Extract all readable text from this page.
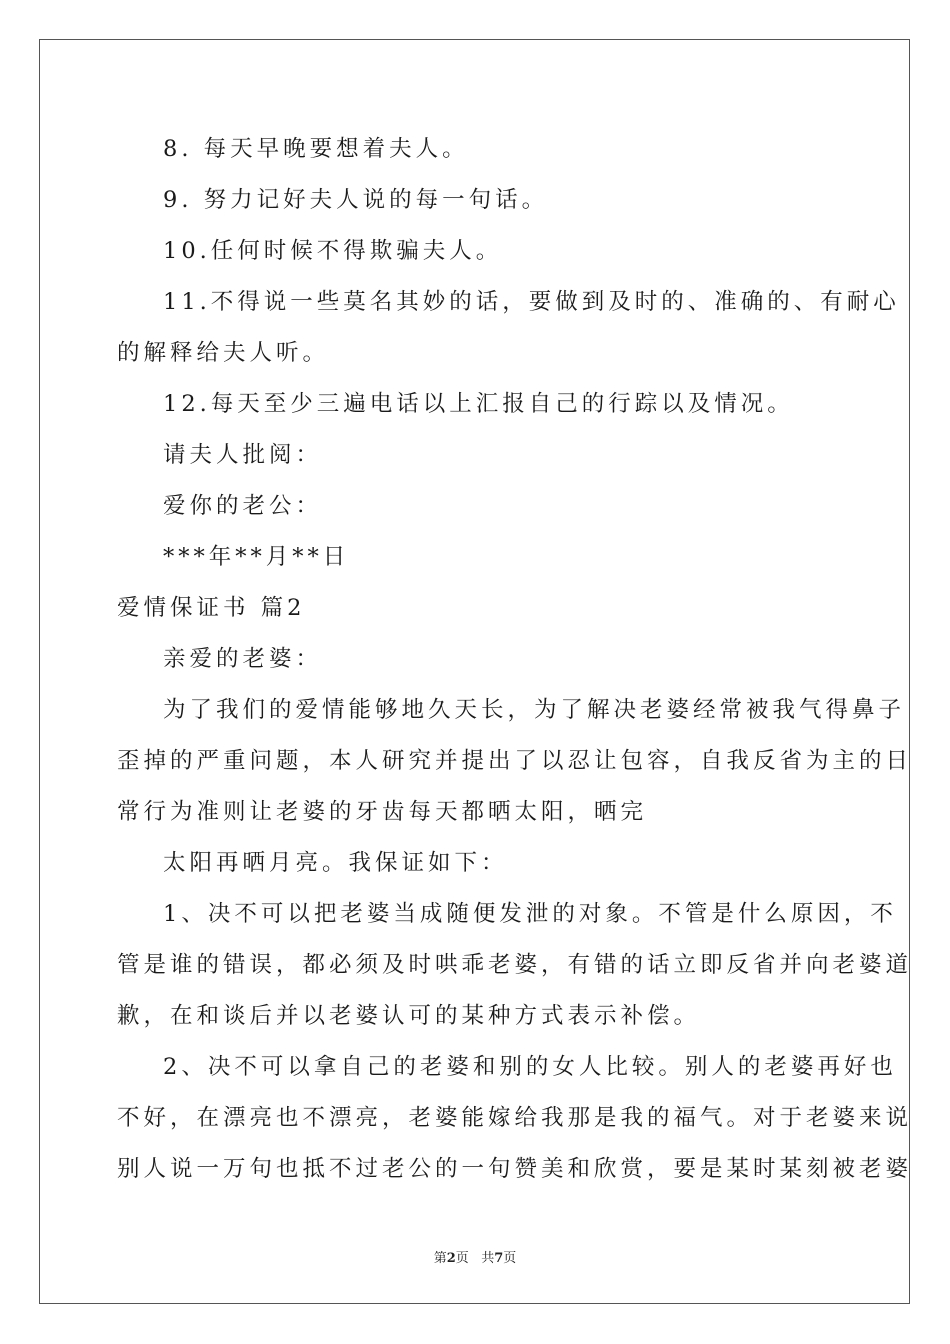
8. 每天早晚要想着夫人。
9. 努力记好夫人说的每一句话。
10.任何时候不得欺骗夫人。
11.不得说一些莫名其妙的话，要做到及时的、准确的、有耐心
的解释给夫人听。
12.每天至少三遍电话以上汇报自己的行踪以及情况。
请夫人批阅：
爱你的老公：
***年**月**日
爱情保证书 篇2
亲爱的老婆：
为了我们的爱情能够地久天长，为了解决老婆经常被我气得鼻子
歪掉的严重问题，本人研究并提出了以忍让包容，自我反省为主的日
常行为准则让老婆的牙齿每天都晒太阳，晒完
太阳再晒月亮。我保证如下：
1、决不可以把老婆当成随便发泄的对象。不管是什么原因，不
管是谁的错误，都必须及时哄乖老婆，有错的话立即反省并向老婆道
歉，在和谈后并以老婆认可的某种方式表示补偿。
2、决不可以拿自己的老婆和别的女人比较。别人的老婆再好也
不好，在漂亮也不漂亮，老婆能嫁给我那是我的福气。对于老婆来说
别人说一万句也抵不过老公的一句赞美和欣赏，要是某时某刻被老婆
第2页   共7页
